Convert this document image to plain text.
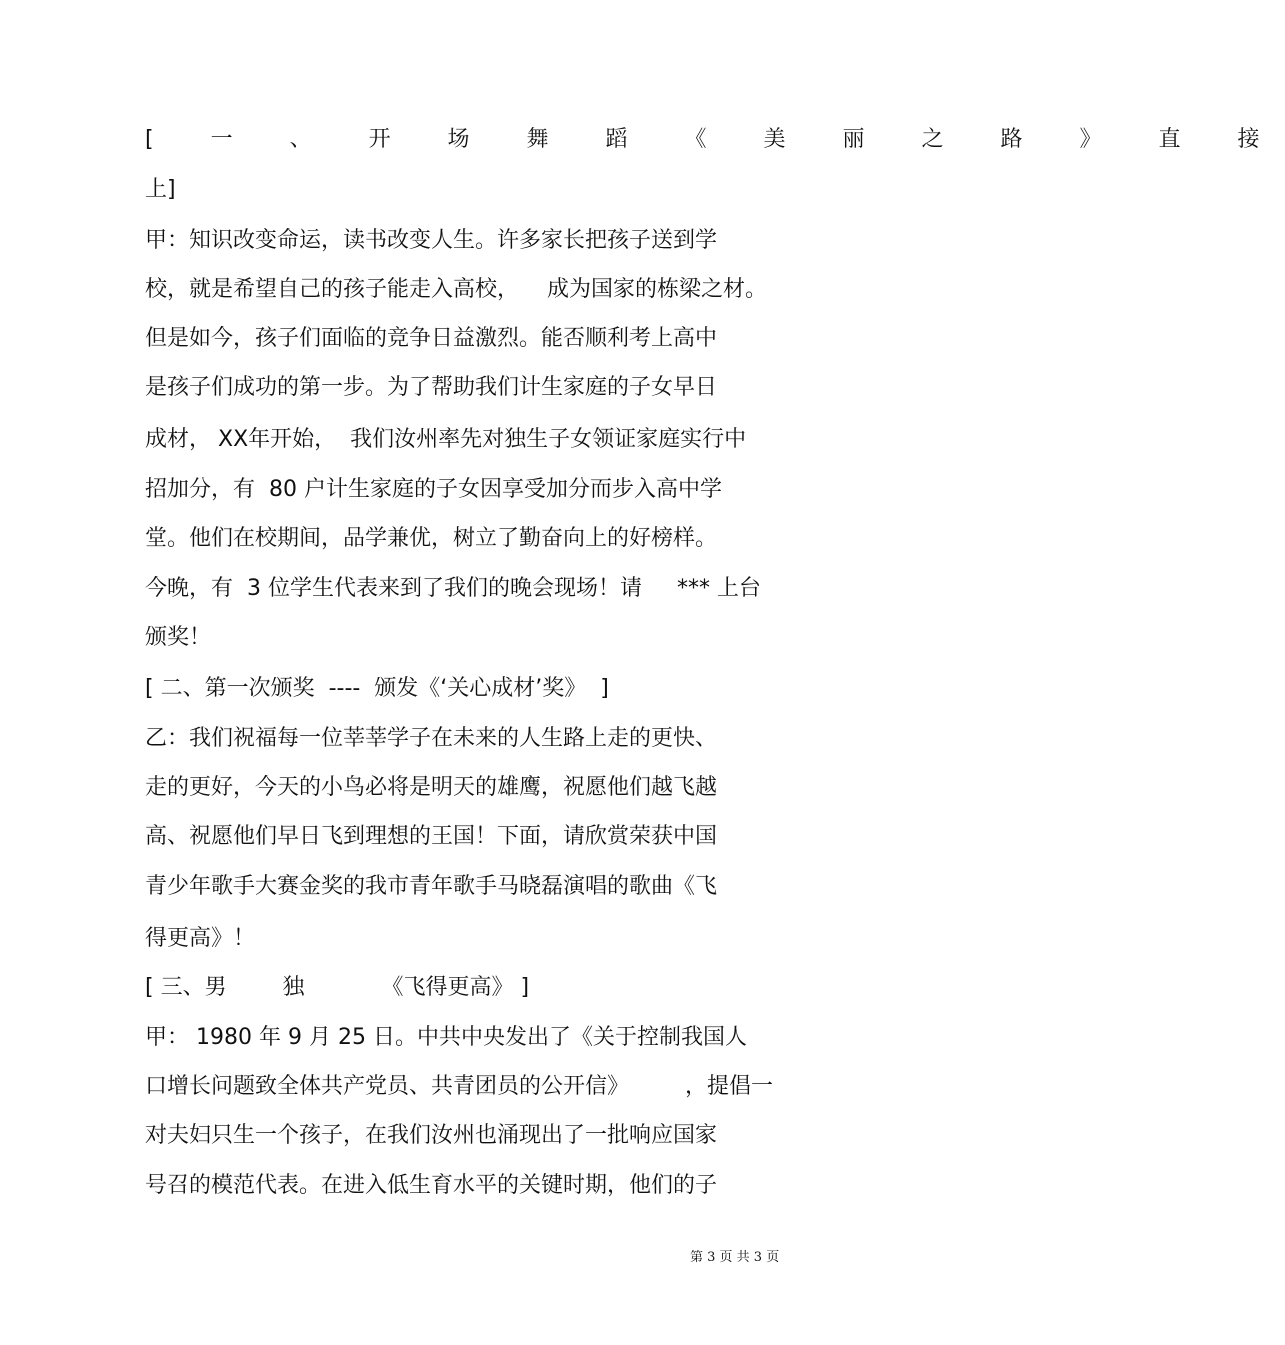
[ 一 、 开 场 舞 蹈 《 美 丽 之 路 》 直 接
上]
甲：知识改变命运，读书改变人生。许多家长把孩子送到学
校，就是希望自己的孩子能走入高校，    成为国家的栋梁之材。
但是如今，孩子们面临的竞争日益激烈。能否顺利考上高中
是孩子们成功的第一步。为了帮助我们计生家庭的子女早日
成材， XX年开始，  我们汝州率先对独生子女领证家庭实行中
招加分，有  80 户计生家庭的子女因享受加分而步入高中学
堂。他们在校期间，品学兼优，树立了勤奋向上的好榜样。
今晚，有  3 位学生代表来到了我们的晚会现场！请     *** 上台
颁奖！
[ 二、第一次颁奖  ----  颁发《‘关心成材’奖》  ]
乙：我们祝福每一位莘莘学子在未来的人生路上走的更快、
走的更好，今天的小鸟必将是明天的雄鹰，祝愿他们越飞越
高、祝愿他们早日飞到理想的王国！下面，请欣赏荣获中国
青少年歌手大赛金奖的我市青年歌手马晓磊演唱的歌曲《飞
得更高》！
[ 三、男        独           《飞得更高》 ]
甲： 1980 年 9 月 25 日。中共中央发出了《关于控制我国人
口增长问题致全体共产党员、共青团员的公开信》        ，提倡一
对夫妇只生一个孩子，在我们汝州也涌现出了一批响应国家
号召的模范代表。在进入低生育水平的关键时期，他们的子
第 3 页 共 3 页
